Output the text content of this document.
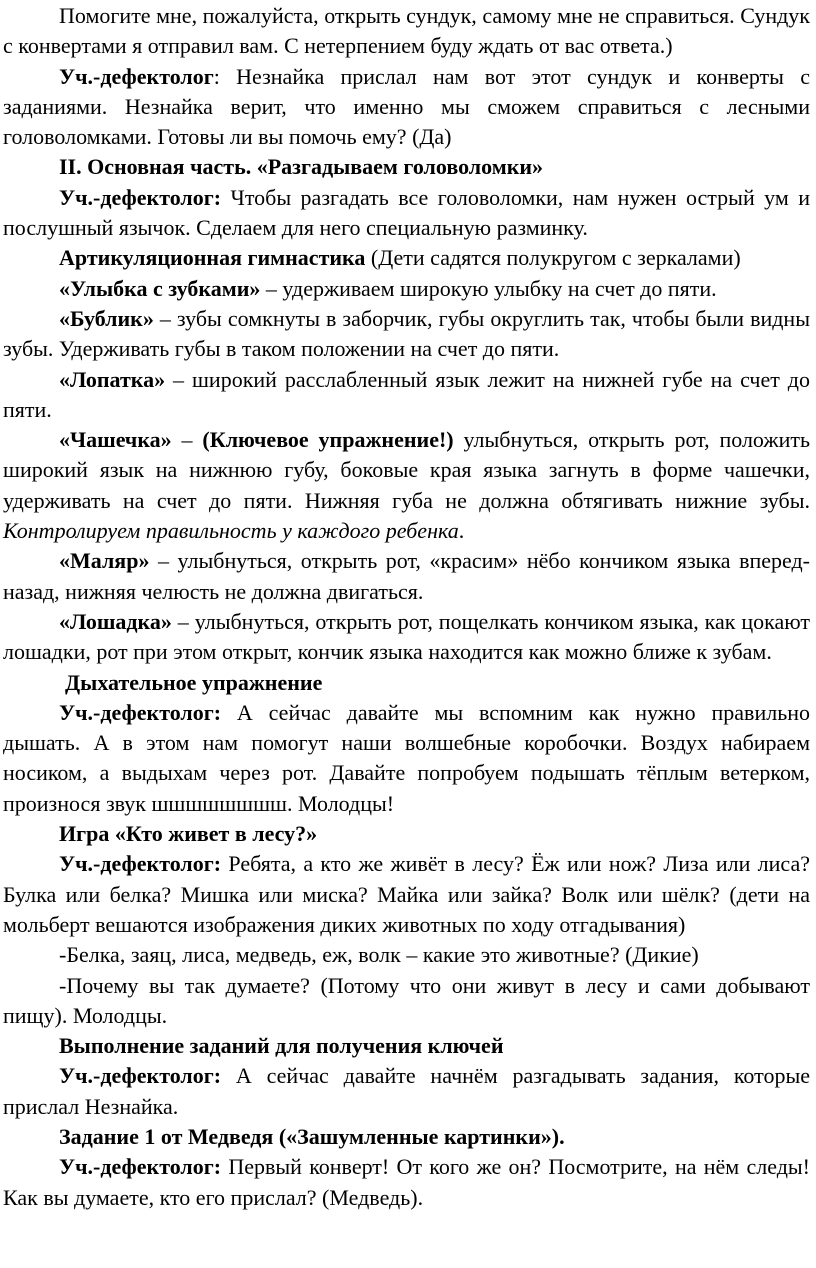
Помогите мне, пожалуйста, открыть сундук, самому мне не справиться. Сундук с конвертами я отправил вам. С нетерпением буду ждать от вас ответа.)

Уч.-дефектолог: Незнайка прислал нам вот этот сундук и конверты с заданиями. Незнайка верит, что именно мы сможем справиться с лесными головоломками. Готовы ли вы помочь ему? (Да)

II. Основная часть. «Разгадываем головоломки»

Уч.-дефектолог: Чтобы разгадать все головоломки, нам нужен острый ум и послушный язычок. Сделаем для него специальную разминку.

Артикуляционная гимнастика (Дети садятся полукругом с зеркалами)

«Улыбка с зубками» – удерживаем широкую улыбку на счет до пяти.

«Бублик» – зубы сомкнуты в заборчик, губы округлить так, чтобы были видны зубы. Удерживать губы в таком положении на счет до пяти.

«Лопатка» – широкий расслабленный язык лежит на нижней губе на счет до пяти.

«Чашечка» – (Ключевое упражнение!) улыбнуться, открыть рот, положить широкий язык на нижнюю губу, боковые края языка загнуть в форме чашечки, удерживать на счет до пяти. Нижняя губа не должна обтягивать нижние зубы. Контролируем правильность у каждого ребенка.

«Маляр» – улыбнуться, открыть рот, «красим» нёбо кончиком языка вперед-назад, нижняя челюсть не должна двигаться.

«Лошадка» – улыбнуться, открыть рот, пощелкать кончиком языка, как цокают лошадки, рот при этом открыт, кончик языка находится как можно ближе к зубам.

Дыхательное упражнение

Уч.-дефектолог: А сейчас давайте мы вспомним как нужно правильно дышать. А в этом нам помогут наши волшебные коробочки. Воздух набираем носиком, а выдыхам через рот. Давайте попробуем подышать тёплым ветерком, произнося звук шшшшшшшш. Молодцы!

Игра «Кто живет в лесу?»

Уч.-дефектолог: Ребята, а кто же живёт в лесу? Ёж или нож? Лиза или лиса? Булка или белка? Мишка или миска? Майка или зайка? Волк или шёлк? (дети на мольберт вешаются изображения диких животных по ходу отгадывания)

-Белка, заяц, лиса, медведь, еж, волк – какие это животные? (Дикие)

-Почему вы так думаете? (Потому что они живут в лесу и сами добывают пищу). Молодцы.

Выполнение заданий для получения ключей

Уч.-дефектолог: А сейчас давайте начнём разгадывать задания, которые прислал Незнайка.

Задание 1 от Медведя («Зашумленные картинки»).

Уч.-дефектолог: Первый конверт! От кого же он? Посмотрите, на нём следы! Как вы думаете, кто его прислал? (Медведь).
